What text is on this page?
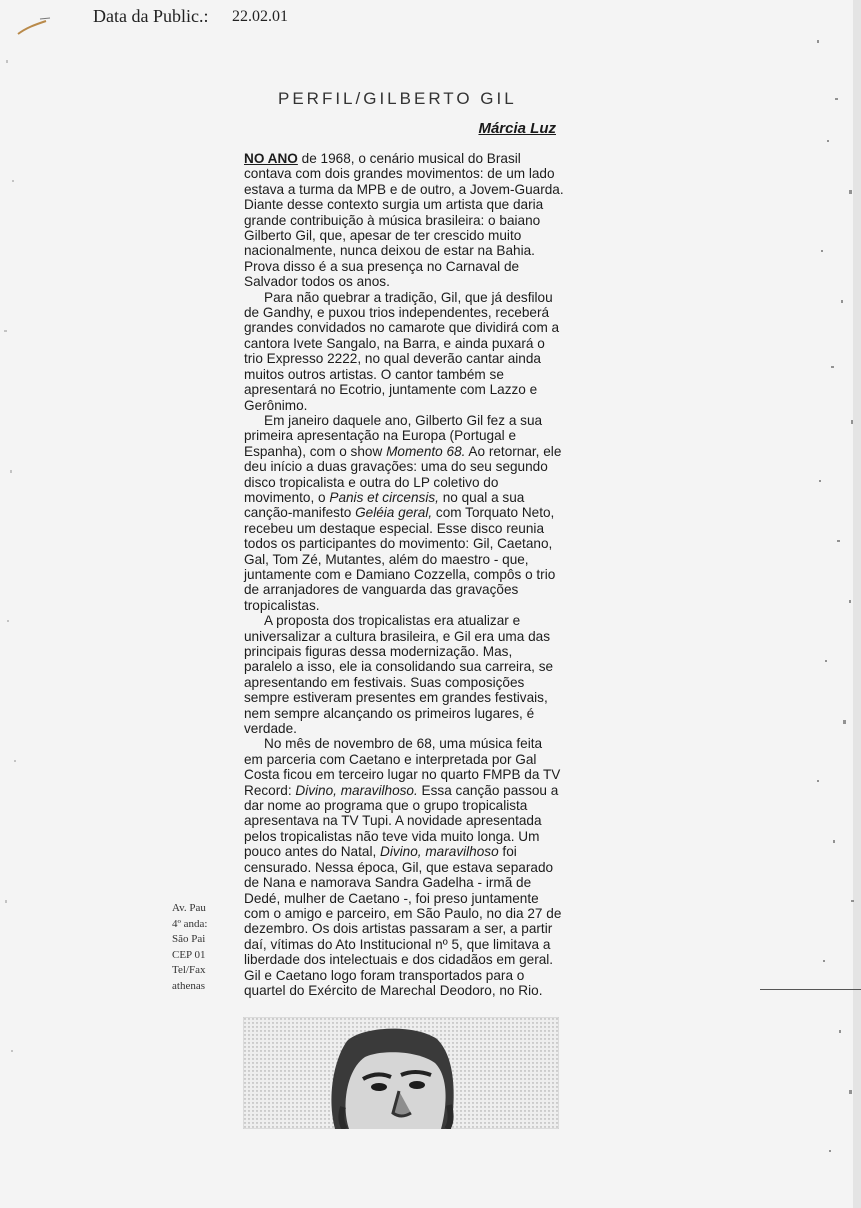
Data da Public.: 22.02.01
PERFIL/GILBERTO GIL
Márcia Luz

NO ANO de 1968, o cenário musical do Brasil contava com dois grandes movimentos: de um lado estava a turma da MPB e de outro, a Jovem-Guarda. Diante desse contexto surgia um artista que daria grande contribuição à música brasileira: o baiano Gilberto Gil, que, apesar de ter crescido muito nacionalmente, nunca deixou de estar na Bahia. Prova disso é a sua presença no Carnaval de Salvador todos os anos.

Para não quebrar a tradição, Gil, que já desfilou de Gandhy, e puxou trios independentes, receberá grandes convidados no camarote que dividirá com a cantora Ivete Sangalo, na Barra, e ainda puxará o trio Expresso 2222, no qual deverão cantar ainda muitos outros artistas. O cantor também se apresentará no Ecotrio, juntamente com Lazzo e Gerônimo.

Em janeiro daquele ano, Gilberto Gil fez a sua primeira apresentação na Europa (Portugal e Espanha), com o show Momento 68. Ao retornar, ele deu início a duas gravações: uma do seu segundo disco tropicalista e outra do LP coletivo do movimento, o Panis et circensis, no qual a sua canção-manifesto Geléia geral, com Torquato Neto, recebeu um destaque especial. Esse disco reunia todos os participantes do movimento: Gil, Caetano, Gal, Tom Zé, Mutantes, além do maestro - que, juntamente com e Damiano Cozzella, compôs o trio de arranjadores de vanguarda das gravações tropicalistas.

A proposta dos tropicalistas era atualizar e universalizar a cultura brasileira, e Gil era uma das principais figuras dessa modernização. Mas, paralelo a isso, ele ia consolidando sua carreira, se apresentando em festivais. Suas composições sempre estiveram presentes em grandes festivais, nem sempre alcançando os primeiros lugares, é verdade.

No mês de novembro de 68, uma música feita em parceria com Caetano e interpretada por Gal Costa ficou em terceiro lugar no quarto FMPB da TV Record: Divino, maravilhoso. Essa canção passou a dar nome ao programa que o grupo tropicalista apresentava na TV Tupi. A novidade apresentada pelos tropicalistas não teve vida muito longa. Um pouco antes do Natal, Divino, maravilhoso foi censurado. Nessa época, Gil, que estava separado de Nana e namorava Sandra Gadelha - irmã de Dedé, mulher de Caetano -, foi preso juntamente com o amigo e parceiro, em São Paulo, no dia 27 de dezembro. Os dois artistas passaram a ser, a partir daí, vítimas do Ato Institucional nº 5, que limitava a liberdade dos intelectuais e dos cidadãos em geral. Gil e Caetano logo foram transportados para o quartel do Exército de Marechal Deodoro, no Rio.

Av. Pau
4º anda:
São Pai
CEP 01
Tel/Fax
athenas
